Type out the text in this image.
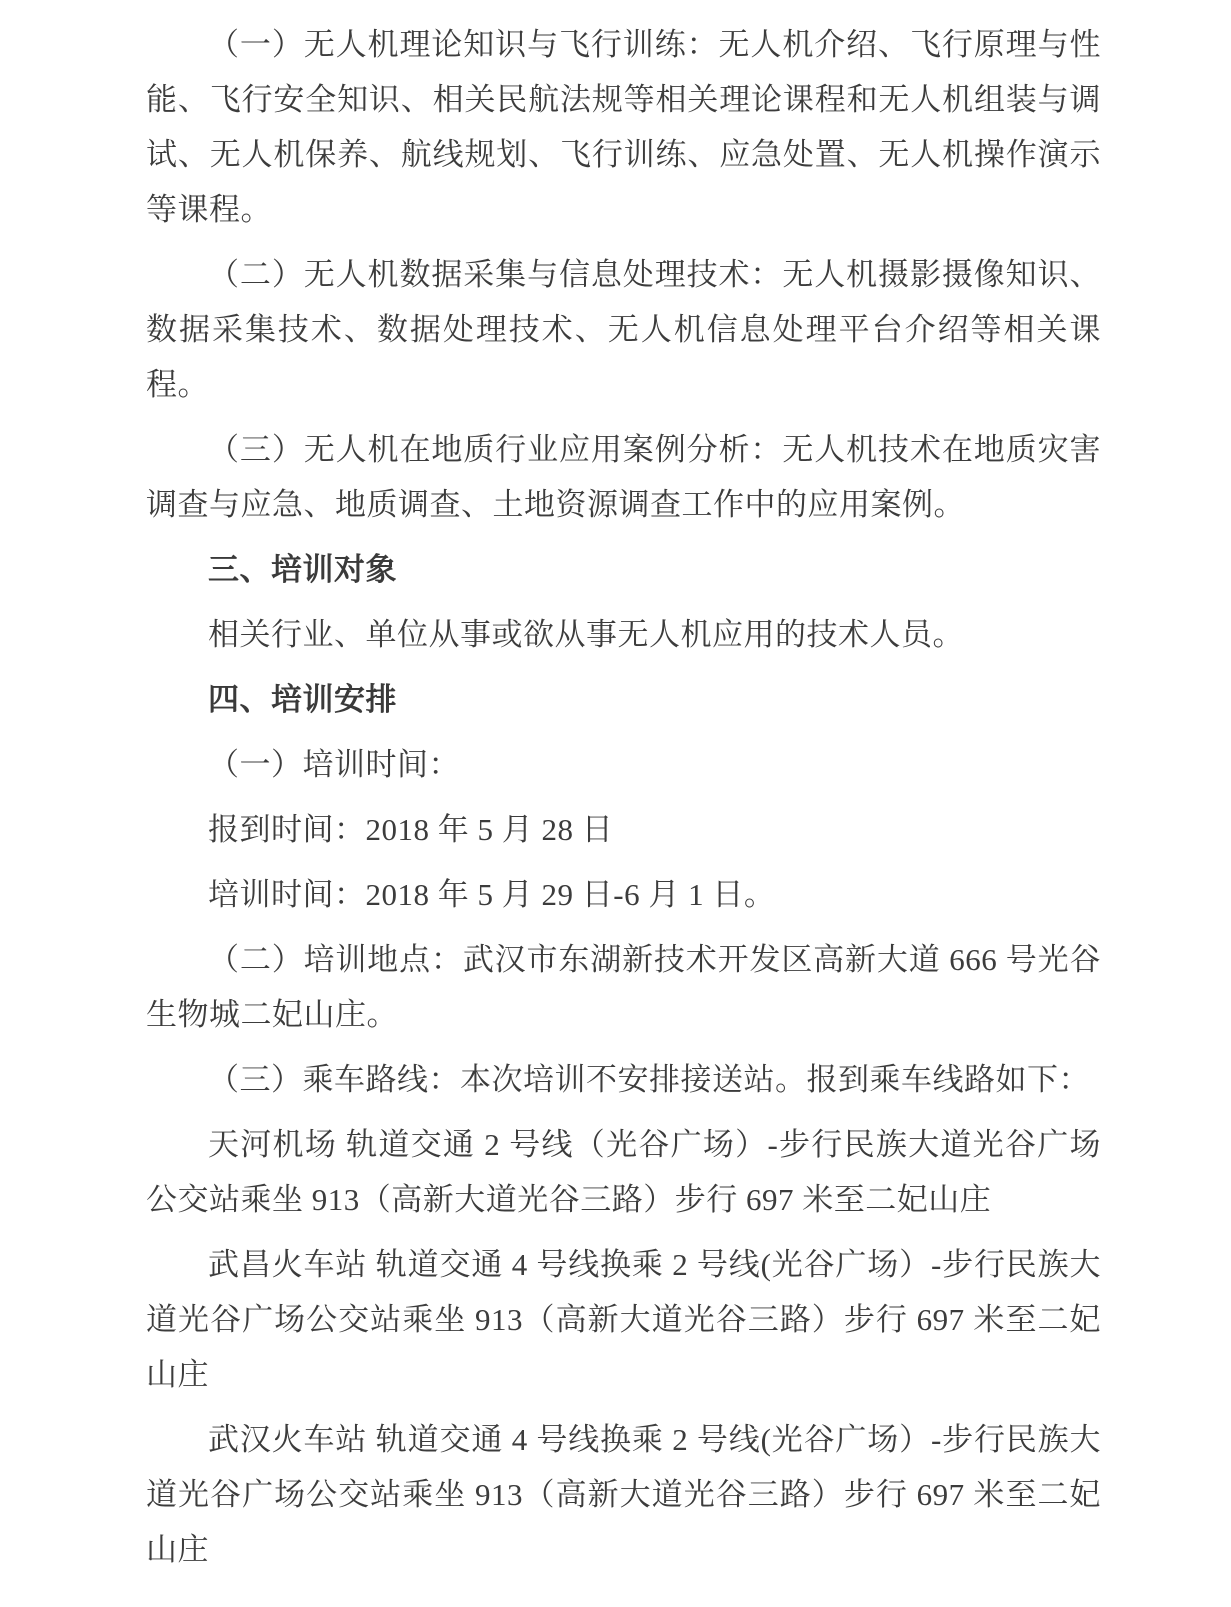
（一）无人机理论知识与飞行训练：无人机介绍、飞行原理与性能、飞行安全知识、相关民航法规等相关理论课程和无人机组装与调试、无人机保养、航线规划、飞行训练、应急处置、无人机操作演示等课程。

（二）无人机数据采集与信息处理技术：无人机摄影摄像知识、数据采集技术、数据处理技术、无人机信息处理平台介绍等相关课程。

（三）无人机在地质行业应用案例分析：无人机技术在地质灾害调查与应急、地质调查、土地资源调查工作中的应用案例。

三、培训对象

相关行业、单位从事或欲从事无人机应用的技术人员。

四、培训安排

（一）培训时间：

报到时间：2018 年 5 月 28 日

培训时间：2018 年 5 月 29 日-6 月 1 日。

（二）培训地点：武汉市东湖新技术开发区高新大道 666 号光谷生物城二妃山庄。

（三）乘车路线：本次培训不安排接送站。报到乘车线路如下：

天河机场 轨道交通 2 号线（光谷广场）-步行民族大道光谷广场公交站乘坐 913（高新大道光谷三路）步行 697 米至二妃山庄

武昌火车站 轨道交通 4 号线换乘 2 号线(光谷广场）-步行民族大道光谷广场公交站乘坐 913（高新大道光谷三路）步行 697 米至二妃山庄

武汉火车站 轨道交通 4 号线换乘 2 号线(光谷广场）-步行民族大道光谷广场公交站乘坐 913（高新大道光谷三路）步行 697 米至二妃山庄
